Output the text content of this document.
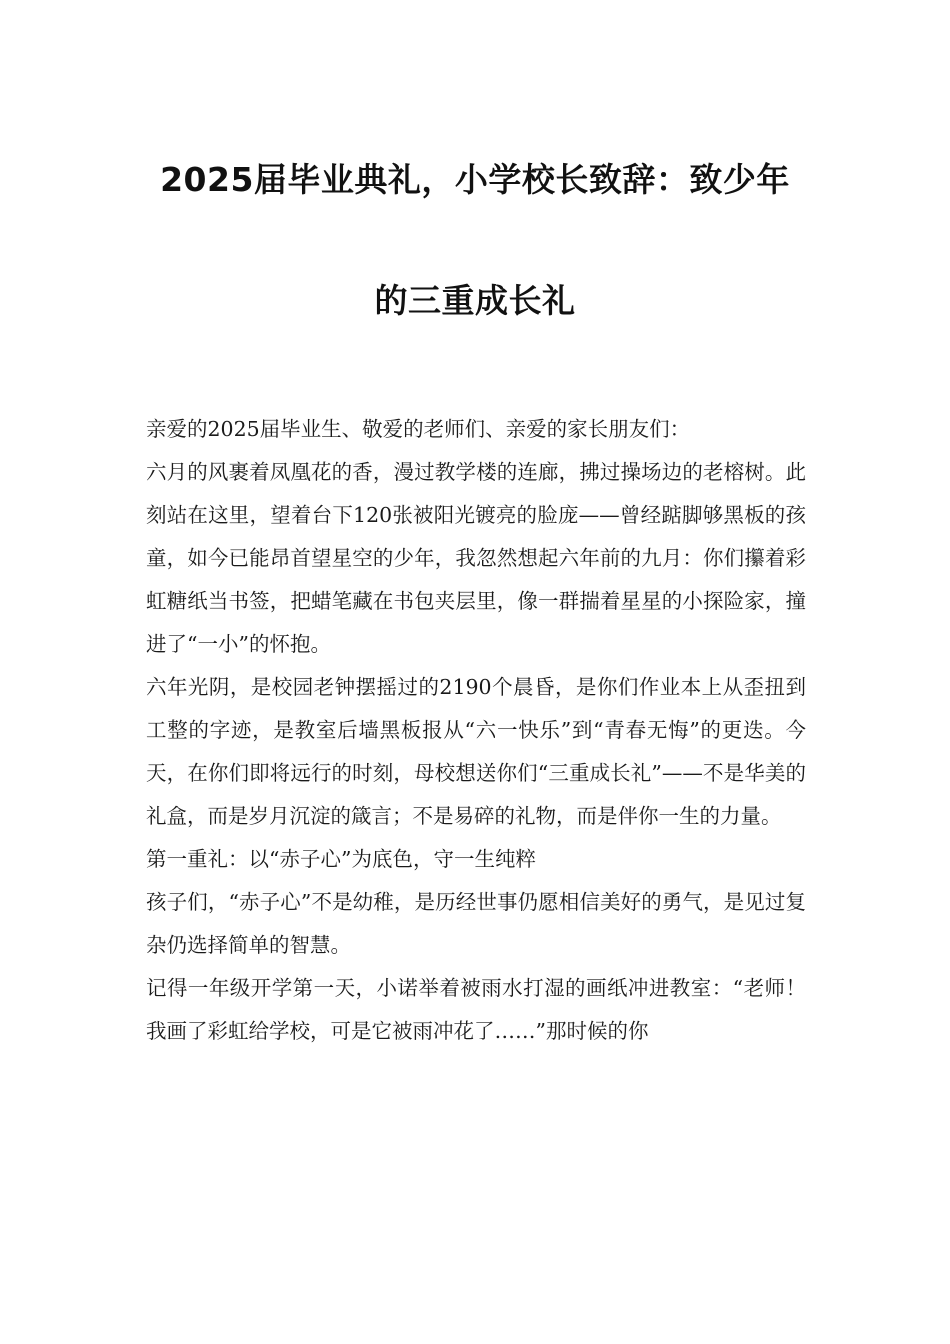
2025届毕业典礼，小学校长致辞：致少年
的三重成长礼

亲爱的2025届毕业生、敬爱的老师们、亲爱的家长朋友们：

六月的风裹着凤凰花的香，漫过教学楼的连廊，拂过操场边的老榕树。此刻站在这里，望着台下120张被阳光镀亮的脸庞——曾经踮脚够黑板的孩童，如今已能昂首望星空的少年，我忽然想起六年前的九月：你们攥着彩虹糖纸当书签，把蜡笔藏在书包夹层里，像一群揣着星星的小探险家，撞进了“一小”的怀抱。

六年光阴，是校园老钟摆摇过的2190个晨昏，是你们作业本上从歪扭到工整的字迹，是教室后墙黑板报从“六一快乐”到“青春无悔”的更迭。今天，在你们即将远行的时刻，母校想送你们“三重成长礼”——不是华美的礼盒，而是岁月沉淀的箴言；不是易碎的礼物，而是伴你一生的力量。

第一重礼：以“赤子心”为底色，守一生纯粹

孩子们，“赤子心”不是幼稚，是历经世事仍愿相信美好的勇气，是见过复杂仍选择简单的智慧。

记得一年级开学第一天，小诺举着被雨水打湿的画纸冲进教室：“老师！我画了彩虹给学校，可是它被雨冲花了……”那时候的你
